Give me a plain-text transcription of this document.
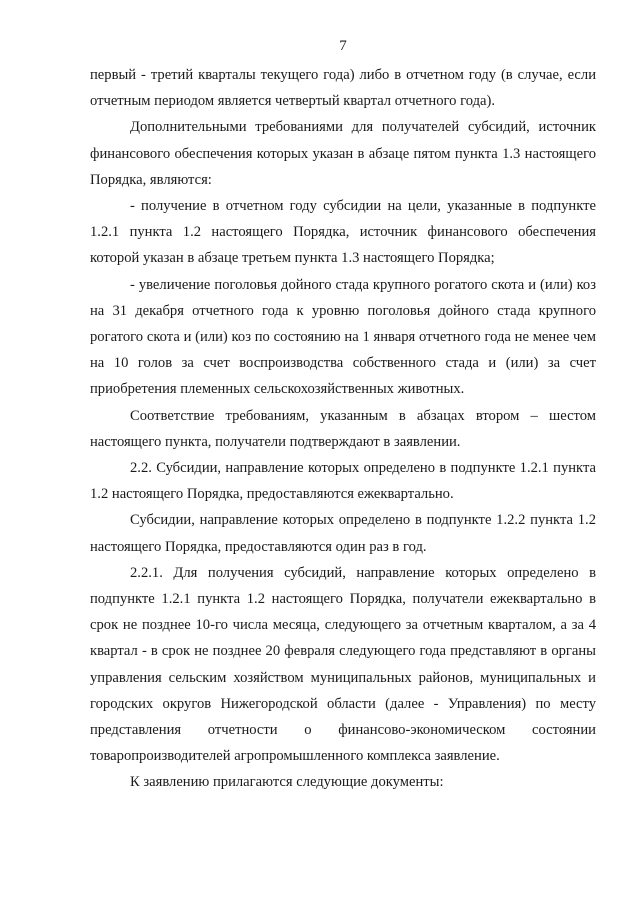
7

первый - третий кварталы текущего года) либо в отчетном году (в случае, если отчетным периодом является четвертый квартал отчетного года).

Дополнительными требованиями для получателей субсидий, источник финансового обеспечения которых указан в абзаце пятом пункта 1.3 настоящего Порядка, являются:

- получение в отчетном году субсидии на цели, указанные в подпункте 1.2.1 пункта 1.2 настоящего Порядка, источник финансового обеспечения которой указан в абзаце третьем пункта 1.3 настоящего Порядка;

- увеличение поголовья дойного стада крупного рогатого скота и (или) коз на 31 декабря отчетного года к уровню поголовья дойного стада крупного рогатого скота и (или) коз по состоянию на 1 января отчетного года не менее чем на 10 голов за счет воспроизводства собственного стада и (или) за счет приобретения племенных сельскохозяйственных животных.

Соответствие требованиям, указанным в абзацах втором – шестом настоящего пункта, получатели подтверждают в заявлении.

2.2. Субсидии, направление которых определено в подпункте 1.2.1 пункта 1.2 настоящего Порядка, предоставляются ежеквартально.

Субсидии, направление которых определено в подпункте 1.2.2 пункта 1.2 настоящего Порядка, предоставляются один раз в год.

2.2.1. Для получения субсидий, направление которых определено в подпункте 1.2.1 пункта 1.2 настоящего Порядка, получатели ежеквартально в срок не позднее 10-го числа месяца, следующего за отчетным кварталом, а за 4 квартал - в срок не позднее 20 февраля следующего года представляют в органы управления сельским хозяйством муниципальных районов, муниципальных и городских округов Нижегородской области (далее - Управления) по месту представления отчетности о финансово-экономическом состоянии товаропроизводителей агропромышленного комплекса заявление.

К заявлению прилагаются следующие документы:
